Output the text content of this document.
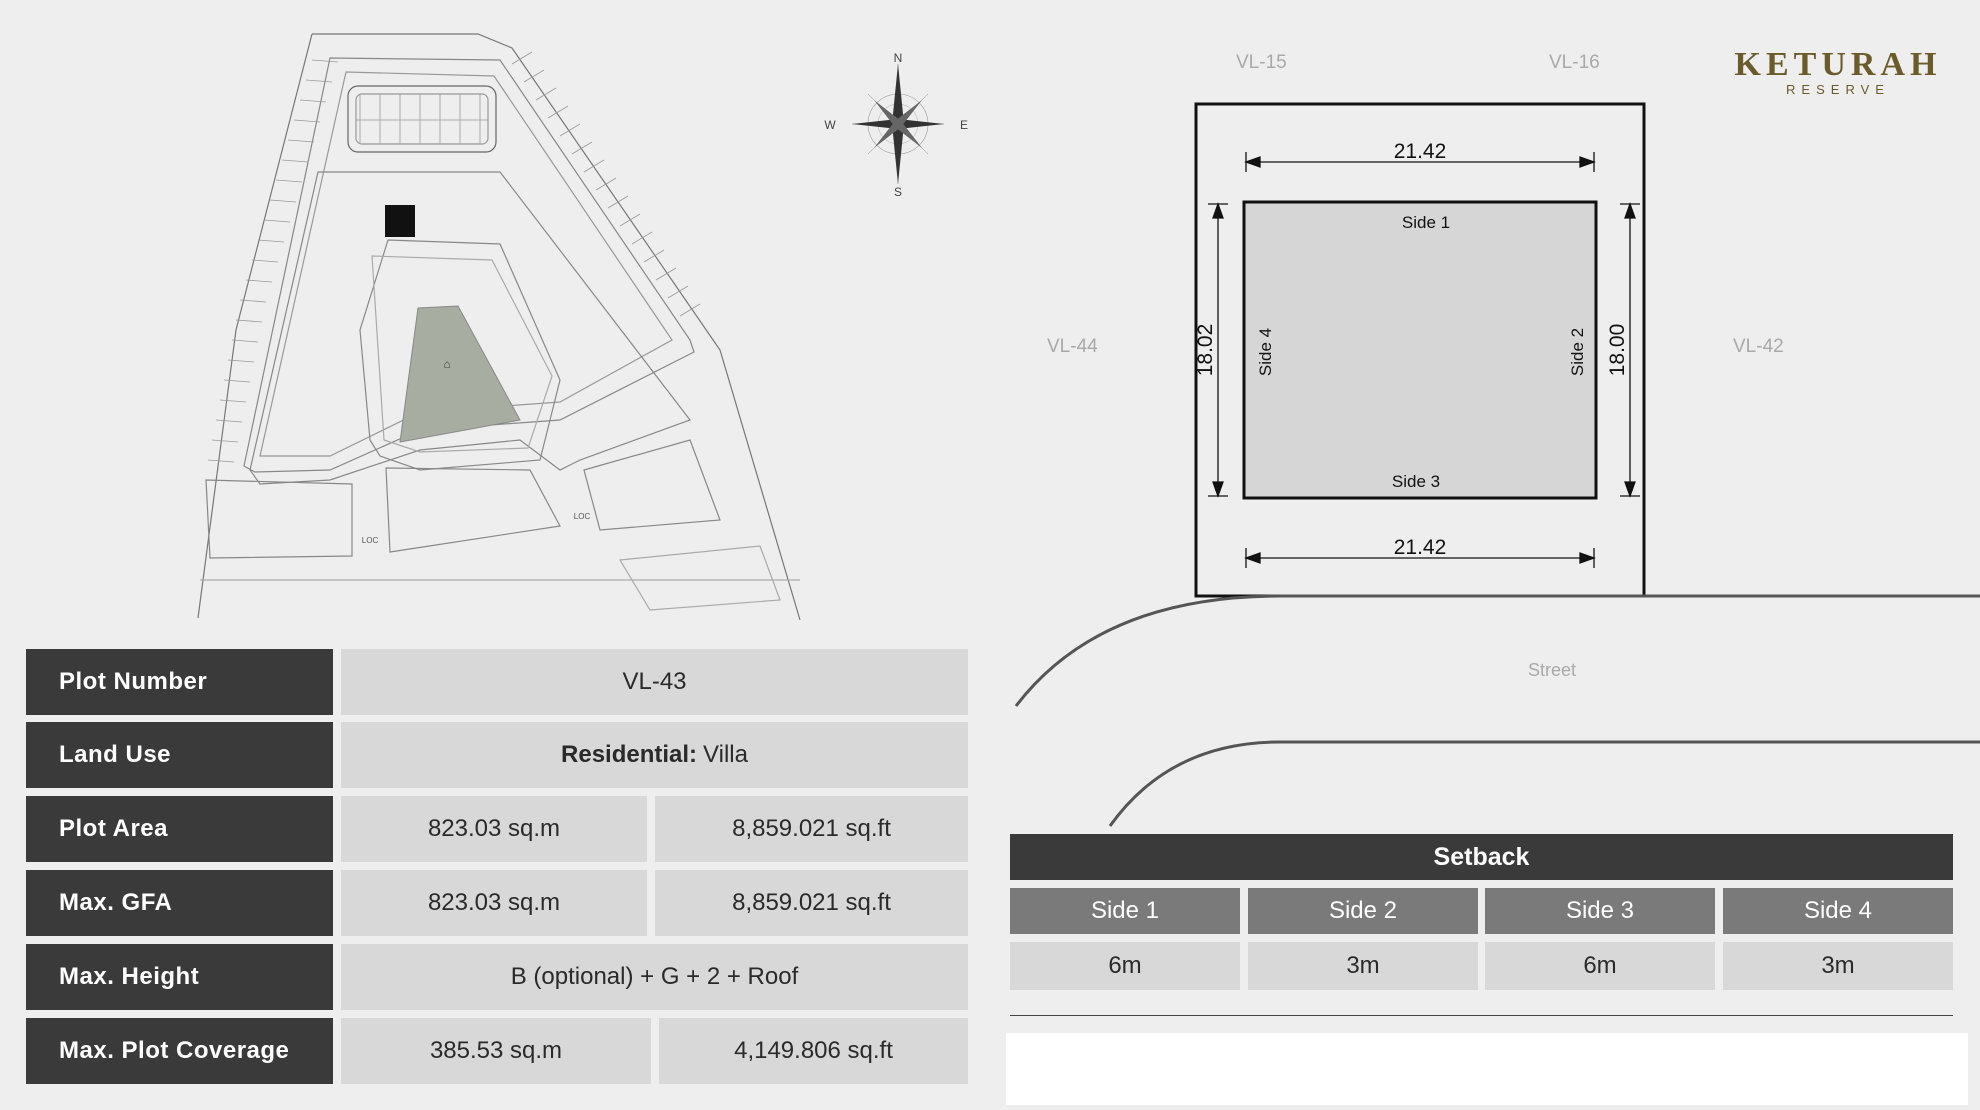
⌂
LOC
LOC
N
S
E
W
KETURAH
RESERVE
21.42
21.42
18.02	18.00
Side 1
Side 3
Side 4	Side 2
VL-15	VL-16
VL-44	VL-42
Street
Plot Number	VL-43
Land Use	Residential: Villa
Plot Area	823.03 sq.m	8,859.021 sq.ft
Max. GFA	823.03 sq.m	8,859.021 sq.ft
Max. Height	B (optional) + G + 2 + Roof
Max. Plot Coverage	385.53 sq.m	4,149.806 sq.ft
Setback
Side 1	Side 2	Side 3	Side 4
6m	3m	6m	3m
